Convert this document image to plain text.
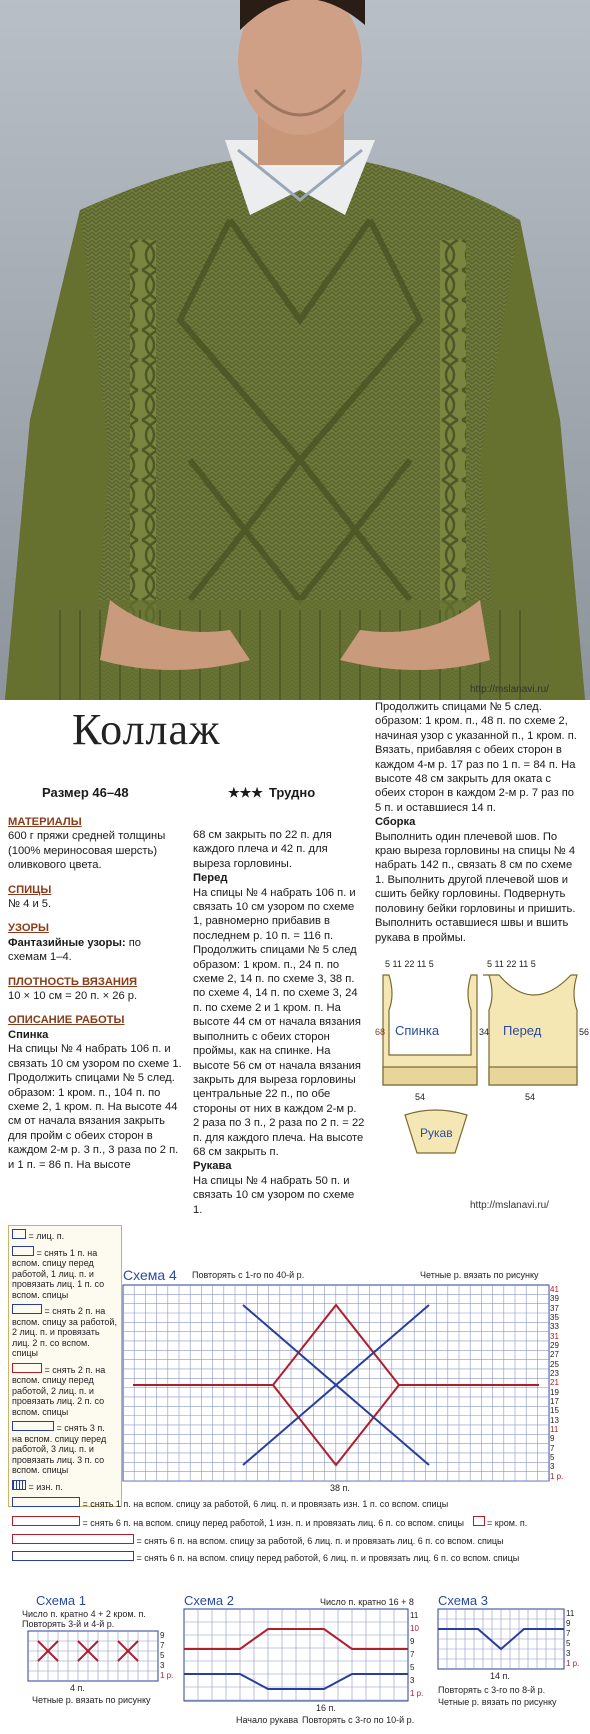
http://mslanavi.ru/
Коллаж
Размер 46–48	★★★ Трудно

МАТЕРИАЛЫ

600 г пряжи средней толщины (100% мериносовая шерсть) оливкового цвета.

СПИЦЫ

№ 4 и 5.

УЗОРЫ

Фантазийные узоры: по схемам 1–4.

ПЛОТНОСТЬ ВЯЗАНИЯ

10 × 10 см = 20 п. × 26 р.

ОПИСАНИЕ РАБОТЫ

Спинка

На спицы № 4 набрать 106 п. и связать 10 см узором по схеме 1. Продолжить спицами № 5 след. образом: 1 кром. п., 104 п. по схеме 2, 1 кром. п. На высоте 44 см от начала вязания закрыть для пройм с обеих сторон в каждом 2-м р. 3 п., 3 раза по 2 п. и 1 п. = 86 п. На высоте

68 см закрыть по 22 п. для каждого плеча и 42 п. для выреза горловины.

Перед

На спицы № 4 набрать 106 п. и связать 10 см узором по схеме 1, равномерно прибавив в последнем р. 10 п. = 116 п. Продолжить спицами № 5 след образом: 1 кром. п., 24 п. по схеме 2, 14 п. по схеме 3, 38 п. по схеме 4, 14 п. по схеме 3, 24 п. по схеме 2 и 1 кром. п. На высоте 44 см от начала вязания выполнить с обеих сторон проймы, как на спинке. На высоте 56 см от начала вязания закрыть для выреза горловины центральные 22 п., по обе стороны от них в каждом 2-м р. 2 раза по 3 п., 2 раза по 2 п. = 22 п. для каждого плеча. На высоте 68 см закрыть п.

Рукава

На спицы № 4 набрать 50 п. и связать 10 см узором по схеме 1.

Продолжить спицами № 5 след. образом: 1 кром. п., 48 п. по схеме 2, начиная узор с указанной п., 1 кром. п. Вязать, прибавляя с обеих сторон в каждом 4-м р. 17 раз по 1 п. = 84 п. На высоте 48 см закрыть для оката с обеих сторон в каждом 2-м р. 7 раз по 5 п. и оставшиеся 14 п.

Сборка

Выполнить один плечевой шов. По краю выреза горловины на спицы № 4 набрать 142 п., связать 8 см по схеме 1. Выполнить другой плечевой шов и сшить бейку горловины. Подвернуть половину бейки горловины и пришить. Выполнить оставшиеся швы и вшить рукава в проймы.

Спинка	Перед
54	54
68	34	56
5 11 22 11 5	5 11 22 11 5
Рукав
http://mslanavi.ru/
= лиц. п.
= снять 1 п. на вспом. спицу перед работой, 1 лиц. п. и провязать лиц. 1 п. со вспом. спицы
= снять 2 п. на вспом. спицу за работой, 2 лиц. п. и провязать лиц. 2 п. со вспом. спицы
= снять 2 п. на вспом. спицу перед работой, 2 лиц. п. и провязать лиц. 2 п. со вспом. спицы
= снять 3 п. на вспом. спицу перед работой, 3 лиц. п. и провязать лиц. 3 п. со вспом. спицы
= изн. п.
Схема 4 Повторять с 1-го по 40-й р.	Четные р. вязать по рисунку
41
39
37
35
33
31
29
27
25
23
21
19
17
15
13
11
9
7
5
3
1 р.
38 п.
= снять 1 п. на вспом. спицу за работой, 6 лиц. п. и провязать изн. 1 п. со вспом. спицы
= снять 6 п. на вспом. спицу перед работой, 1 изн. п. и провязать лиц. 6 п. со вспом. спицы	= кром. п.
= снять 6 п. на вспом. спицу за работой, 6 лиц. п. и провязать лиц. 6 п. со вспом. спицы
= снять 6 п. на вспом. спицу перед работой, 6 лиц. п. и провязать лиц. 6 п. со вспом. спицы
Схема 1
Число п. кратно 4 + 2 кром. п.
Повторять 3-й и 4-й р.
9
7
5
3
1 р.
4 п.
Четные р. вязать по рисунку
Схема 2	Число п. кратно 16 + 8
11
10
9
7
5
3
1 р.
16 п.
Начало рукава Повторять с 3-го по 10-й р.
Схема 3
11
9
7
5
3
1 р.
14 п.
Повторять с 3-го по 8-й р.
Четные р. вязать по рисунку
